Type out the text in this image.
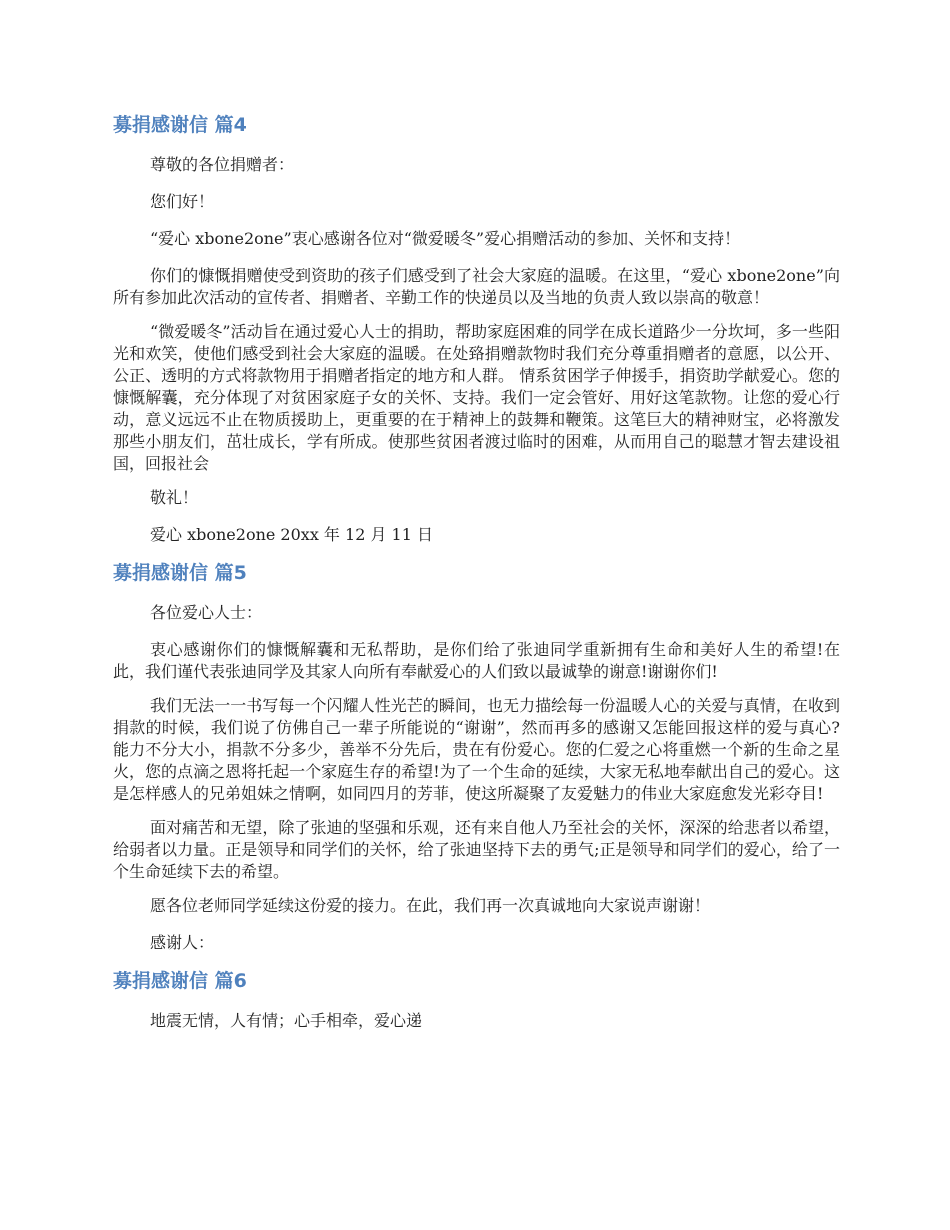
募捐感谢信 篇4

尊敬的各位捐赠者：

您们好！

“爱心 xbone2one”衷心感谢各位对“微爱暖冬”爱心捐赠活动的参加、关怀和支持！

你们的慷慨捐赠使受到资助的孩子们感受到了社会大家庭的温暖。在这里，“爱心 xbone2one”向所有参加此次活动的宣传者、捐赠者、辛勤工作的快递员以及当地的负责人致以崇高的敬意！

“微爱暖冬”活动旨在通过爱心人士的捐助，帮助家庭困难的同学在成长道路少一分坎坷，多一些阳光和欢笑，使他们感受到社会大家庭的温暖。在处臵捐赠款物时我们充分尊重捐赠者的意愿，以公开、公正、透明的方式将款物用于捐赠者指定的地方和人群。 情系贫困学子伸援手，捐资助学献爱心。您的慷慨解囊，充分体现了对贫困家庭子女的关怀、支持。我们一定会管好、用好这笔款物。让您的爱心行动，意义远远不止在物质援助上，更重要的在于精神上的鼓舞和鞭策。这笔巨大的精神财宝，必将激发那些小朋友们，茁壮成长，学有所成。使那些贫困者渡过临时的困难，从而用自己的聪慧才智去建设祖国，回报社会

敬礼！

爱心 xbone2one 20xx 年 12 月 11 日

募捐感谢信 篇5

各位爱心人士：

衷心感谢你们的慷慨解囊和无私帮助，是你们给了张迪同学重新拥有生命和美好人生的希望!在此，我们谨代表张迪同学及其家人向所有奉献爱心的人们致以最诚挚的谢意!谢谢你们!

我们无法一一书写每一个闪耀人性光芒的瞬间，也无力描绘每一份温暖人心的关爱与真情，在收到捐款的时候，我们说了仿佛自己一辈子所能说的“谢谢”，然而再多的感谢又怎能回报这样的爱与真心?能力不分大小，捐款不分多少，善举不分先后，贵在有份爱心。您的仁爱之心将重燃一个新的生命之星火，您的点滴之恩将托起一个家庭生存的希望!为了一个生命的延续，大家无私地奉献出自己的爱心。这是怎样感人的兄弟姐妹之情啊，如同四月的芳菲，使这所凝聚了友爱魅力的伟业大家庭愈发光彩夺目!

面对痛苦和无望，除了张迪的坚强和乐观，还有来自他人乃至社会的关怀，深深的给悲者以希望，给弱者以力量。正是领导和同学们的关怀，给了张迪坚持下去的勇气;正是领导和同学们的爱心，给了一个生命延续下去的希望。

愿各位老师同学延续这份爱的接力。在此，我们再一次真诚地向大家说声谢谢！

感谢人：

募捐感谢信 篇6

地震无情，人有情；心手相牵，爱心递
